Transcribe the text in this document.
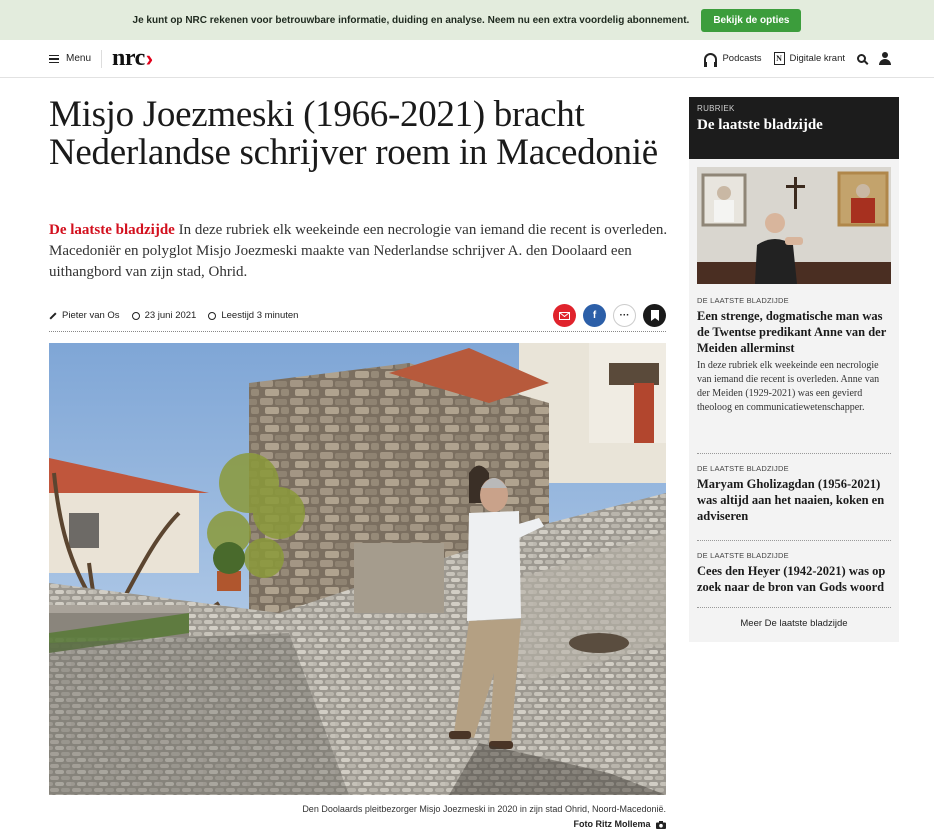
Je kunt op NRC rekenen voor betrouwbare informatie, duiding en analyse. Neem nu een extra voordelig abonnement.	Bekijk de opties
Menu nrc ›	Podcasts	N Digitale krant
Misjo Joezmeski (1966-2021) bracht Nederlandse schrijver roem in Macedonië

De laatste bladzijde In deze rubriek elk weekeinde een necrologie van iemand die recent is overleden. Macedoniër en polyglot Misjo Joezmeski maakte van Nederlandse schrijver A. den Doolaard een uithangbord van zijn stad, Ohrid.

Pieter van Os	23 juni 2021	Leestijd 3 minuten	f ···
Den Doolaards pleitbezorger Misjo Joezmeski in 2020 in zijn stad Ohrid, Noord-Macedonië.
Foto Ritz Mollema
RUBRIEK
De laatste bladzijde
DE LAATSTE BLADZIJDE
Een strenge, dogmatische man was de Twentse predikant Anne van der Meiden allerminst
In deze rubriek elk weekeinde een necrologie van iemand die recent is overleden. Anne van der Meiden (1929-2021) was een gevierd theoloog en communicatiewetenschapper.
DE LAATSTE BLADZIJDE
Maryam Gholizagdan (1956-2021) was altijd aan het naaien, koken en adviseren
DE LAATSTE BLADZIJDE
Cees den Heyer (1942-2021) was op zoek naar de bron van Gods woord
Meer De laatste bladzijde
